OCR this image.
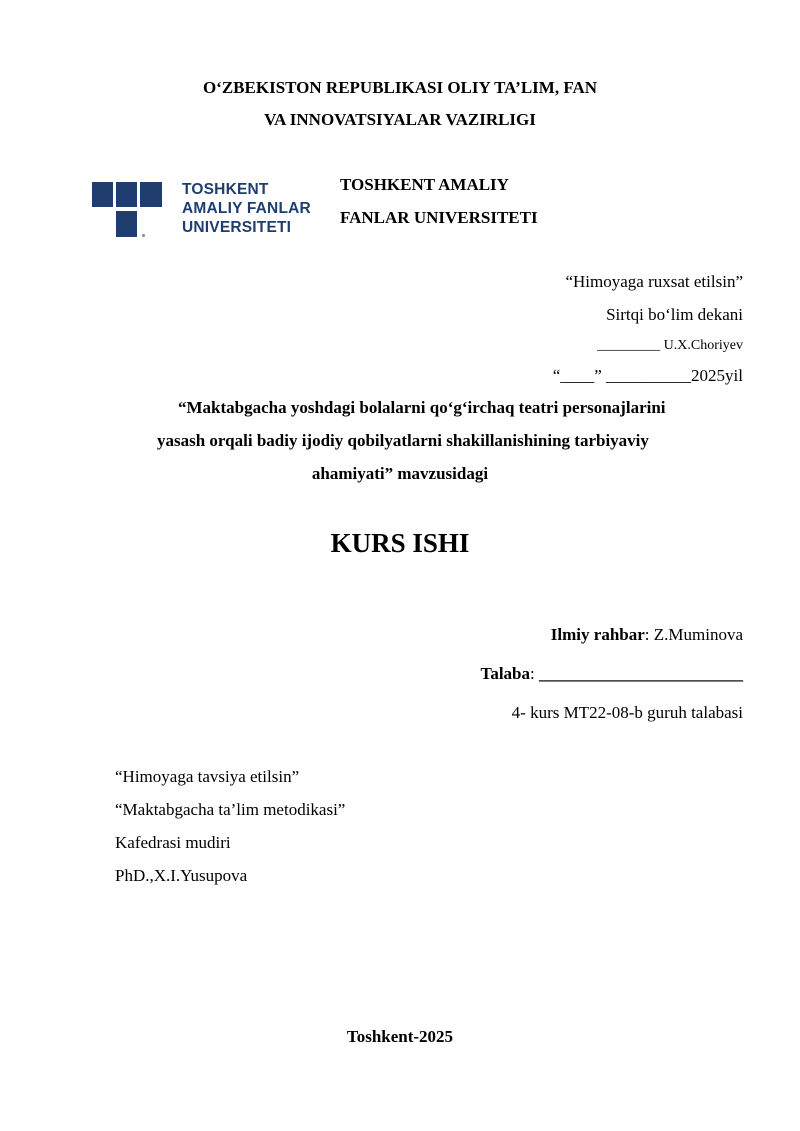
O‘ZBEKISTON REPUBLIKASI OLIY TA’LIM, FAN
VA INNOVATSIYALAR VAZIRLIGI
TOSHKENT
AMALIY FANLAR
UNIVERSITETI
TOSHKENT AMALIY
FANLAR UNIVERSITETI
“Himoyaga ruxsat etilsin”
Sirtqi bo‘lim dekani
_________ U.X.Choriyev
“____” __________2025yil
“Maktabgacha yoshdagi bolalarni qo‘g‘irchaq teatri personajlarini
yasash orqali badiy ijodiy qobilyatlarni shakillanishining tarbiyaviy
ahamiyati” mavzusidagi
KURS ISHI
Ilmiy rahbar: Z.Muminova
Talaba: ________________________
4- kurs MT22-08-b guruh talabasi
“Himoyaga tavsiya etilsin”
“Maktabgacha ta’lim metodikasi”
Kafedrasi mudiri
PhD.,X.I.Yusupova
Toshkent-2025
